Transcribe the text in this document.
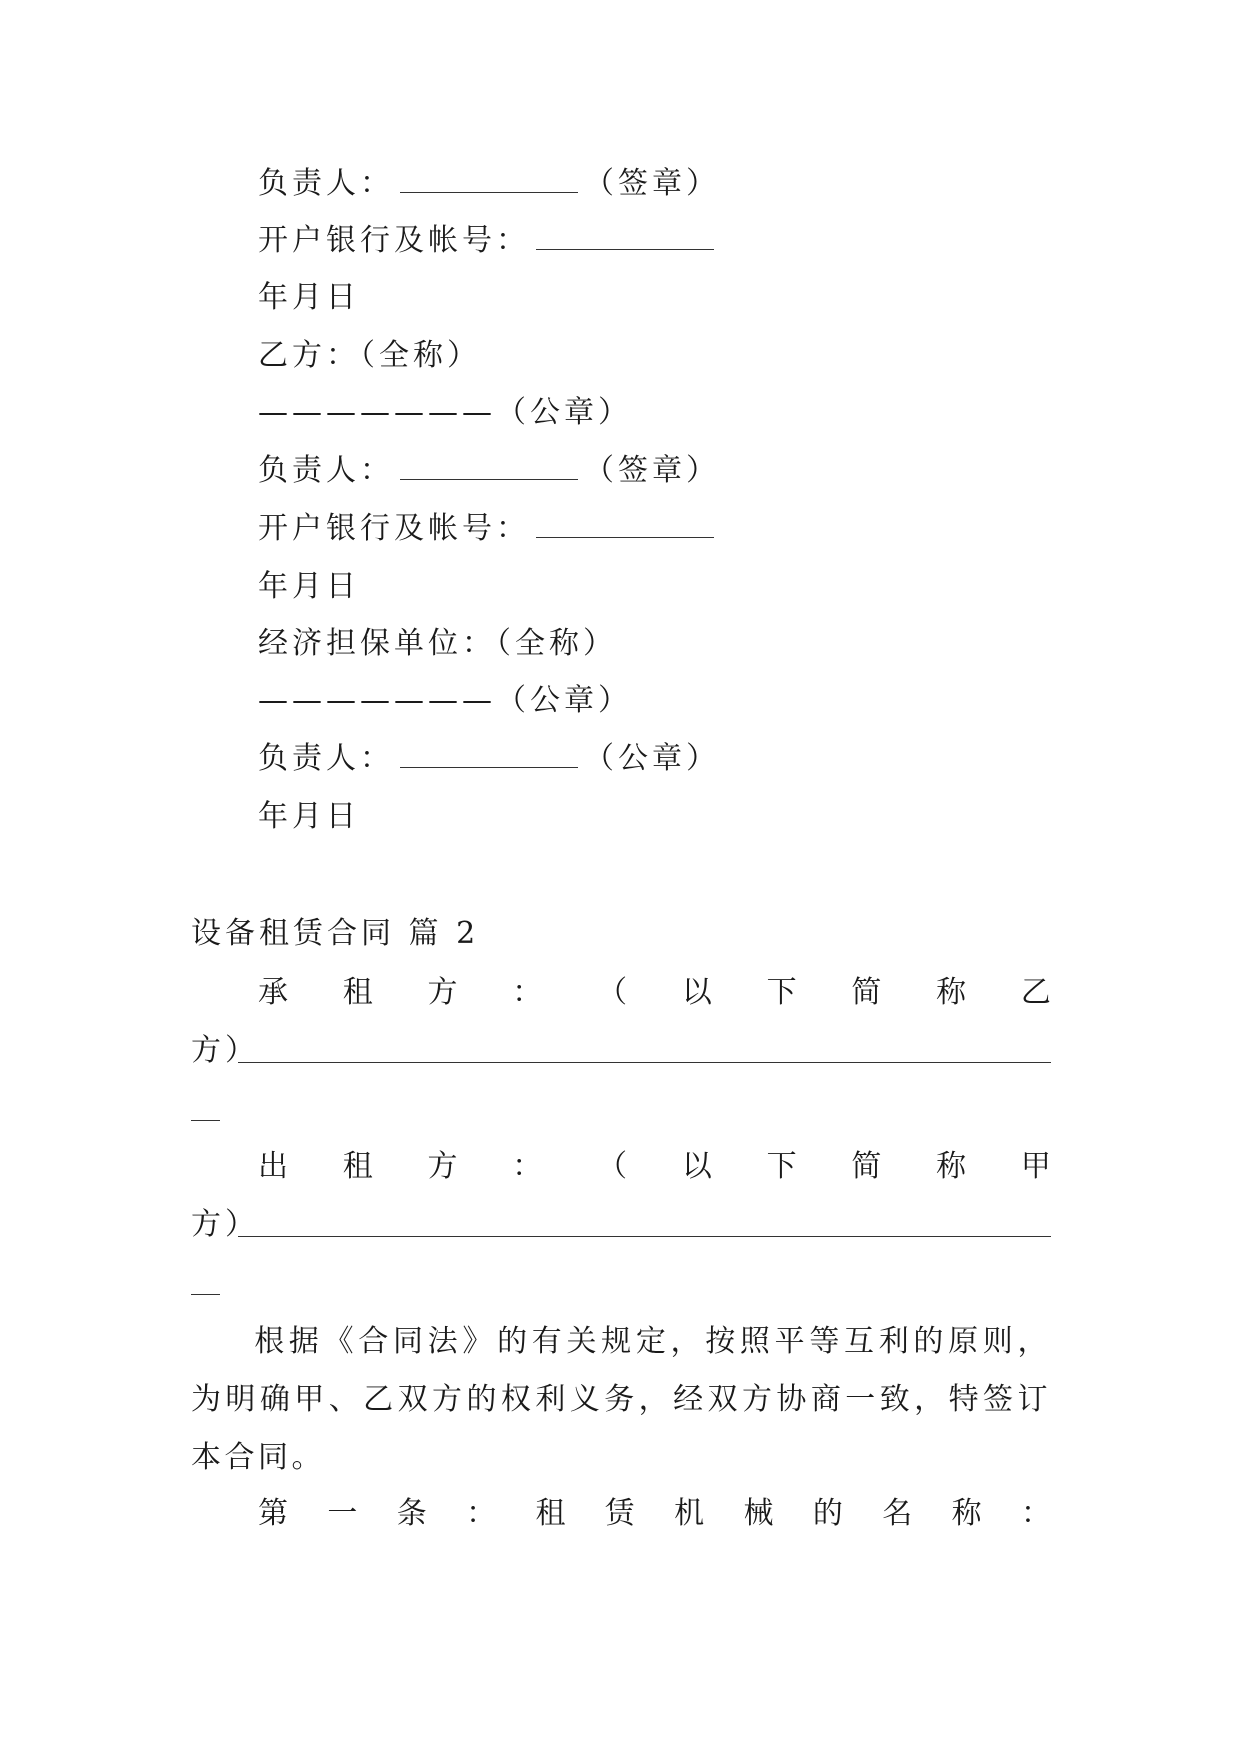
负责人：	（签章）
开户银行及帐号：
年月日
乙方：（全称）
———————（公章）
负责人：	（签章）
开户银行及帐号：
年月日
经济担保单位：（全称）
———————（公章）
负责人：	（公章）
年月日
设备租赁合同 篇 2
承 租 方 ： （ 以 下 简 称 乙
方）
出 租 方 ： （ 以 下 简 称 甲
方）
根据《合同法》的有关规定，按照平等互利的原则，为明确甲、乙双方的权利义务，经双方协商一致，特签订本合同。
第 一 条 ： 租 赁 机 械 的 名 称 ：
